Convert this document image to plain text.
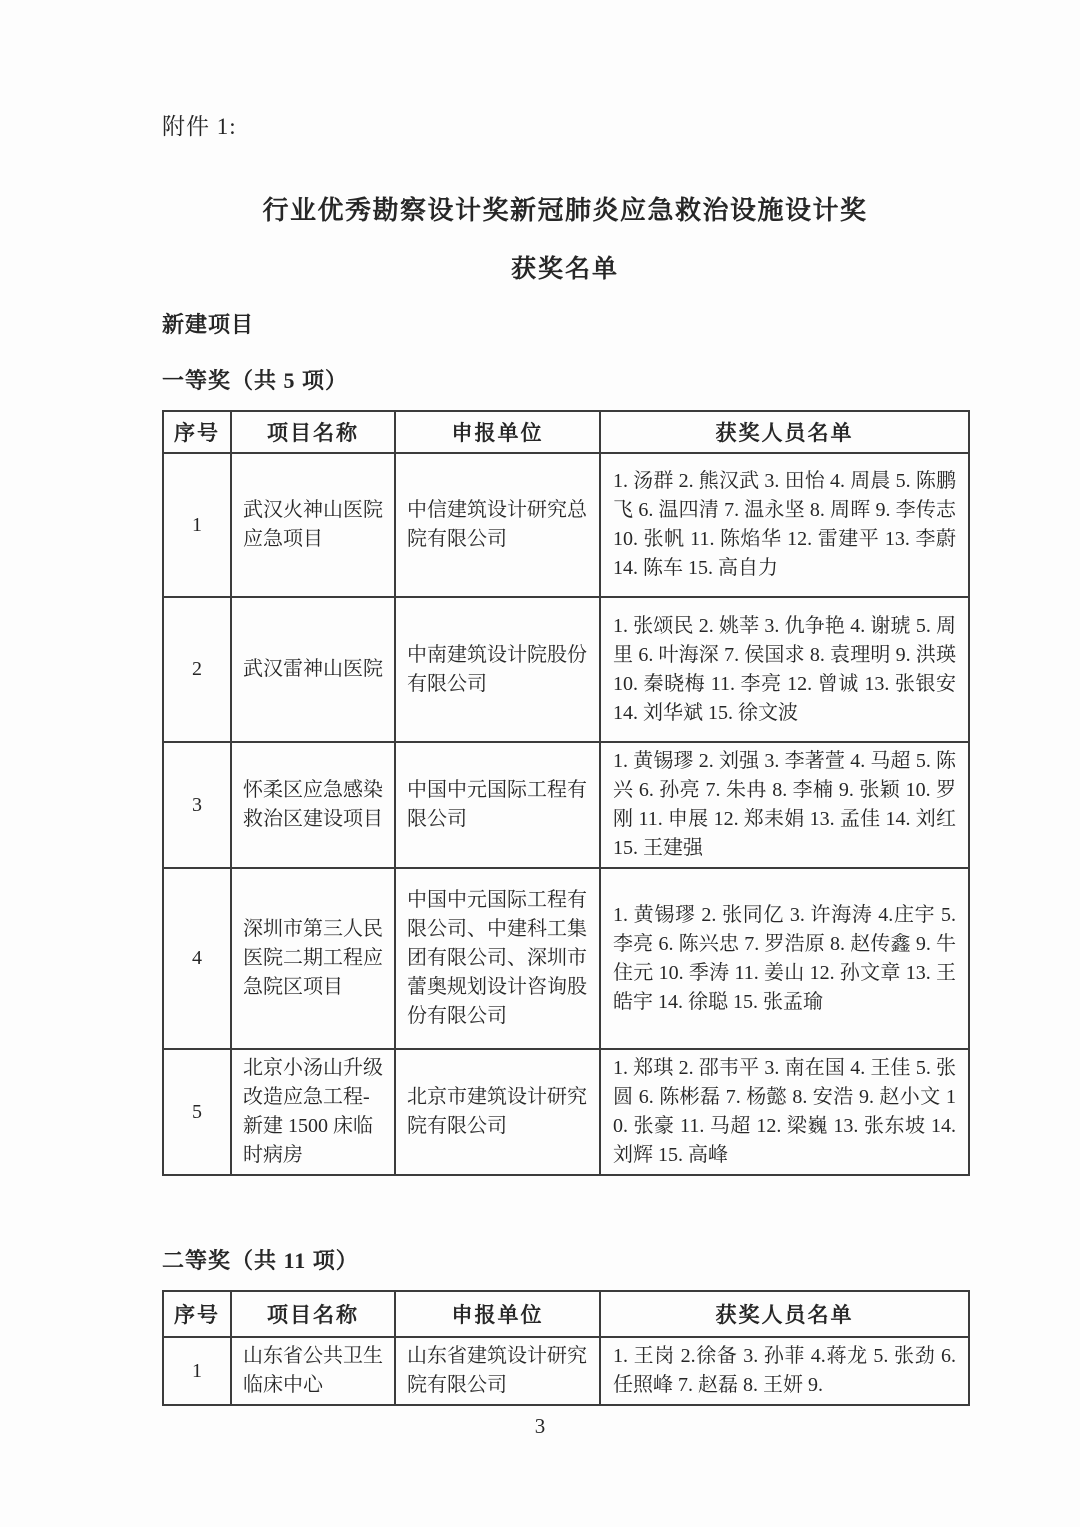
附件 1:
行业优秀勘察设计奖新冠肺炎应急救治设施设计奖
获奖名单
新建项目
一等奖（共 5 项）
序号	项目名称	申报单位	获奖人员名单
1	武汉火神山医院应急项目	中信建筑设计研究总院有限公司	1. 汤群 2. 熊汉武 3. 田怡 4. 周晨 5. 陈鹏飞 6. 温四清 7. 温永坚 8. 周晖 9. 李传志 10. 张帆 11. 陈焰华 12. 雷建平 13. 李蔚 14. 陈车 15. 高自力
2	武汉雷神山医院	中南建筑设计院股份有限公司	1. 张颂民 2. 姚莘 3. 仇争艳 4. 谢琥 5. 周里 6. 叶海深 7. 侯国求 8. 袁理明 9. 洪瑛 10. 秦晓梅 11. 李亮 12. 曾诚 13. 张银安 14. 刘华斌 15. 徐文波
3	怀柔区应急感染救治区建设项目	中国中元国际工程有限公司	1. 黄锡璆 2. 刘强 3. 李著萱 4. 马超 5. 陈兴 6. 孙亮 7. 朱冉 8. 李楠 9. 张颖 10. 罗刚 11. 申展 12. 郑耒娟 13. 孟佳 14. 刘红 15. 王建强
4	深圳市第三人民医院二期工程应急院区项目	中国中元国际工程有限公司、中建科工集团有限公司、深圳市蕾奥规划设计咨询股份有限公司	1. 黄锡璆 2. 张同亿 3. 许海涛 4.庄宇 5. 李亮 6. 陈兴忠 7. 罗浩原 8. 赵传鑫 9. 牛住元 10. 季涛 11. 姜山 12. 孙文章 13. 王皓宇 14. 徐聪 15. 张孟瑜
5	北京小汤山升级改造应急工程-新建 1500 床临时病房	北京市建筑设计研究院有限公司	1. 郑琪 2. 邵韦平 3. 南在国 4. 王佳 5. 张圆 6. 陈彬磊 7. 杨懿 8. 安浩 9. 赵小文 10. 张豪 11. 马超 12. 梁巍 13. 张东坡 14. 刘辉 15. 高峰
二等奖（共 11 项）
序号	项目名称	申报单位	获奖人员名单
1	山东省公共卫生临床中心	山东省建筑设计研究院有限公司	1. 王岗 2.徐备 3. 孙菲 4.蒋龙 5. 张劲 6. 任照峰 7. 赵磊 8. 王妍 9.
3
